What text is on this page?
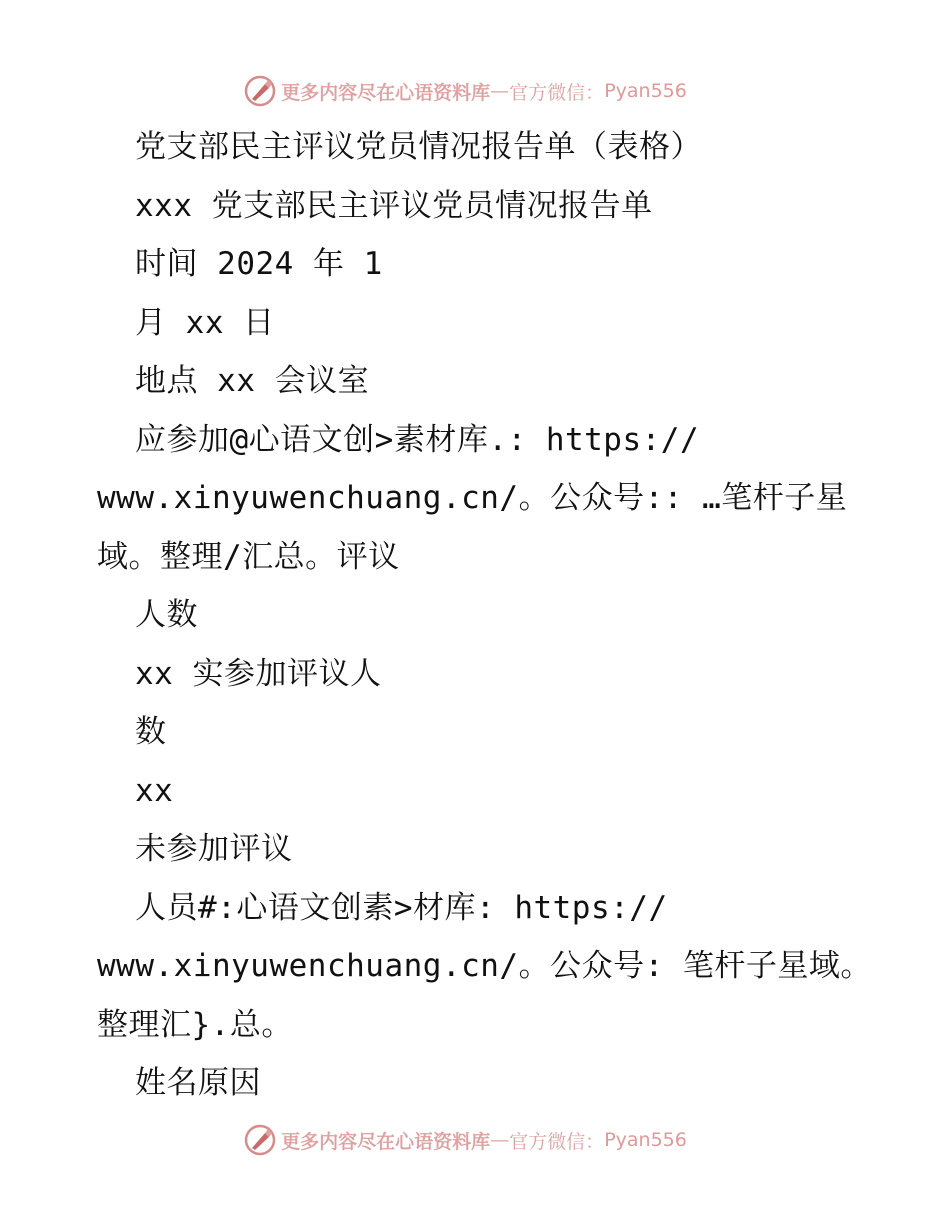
更多内容尽在心语资料库 — 官方微信： Pyan556
党支部民主评议党员情况报告单（表格）
xxx 党支部民主评议党员情况报告单
时间 2024 年 1
月 xx 日
地点 xx 会议室
应参加@心语文创>素材库.: https://
www.xinyuwenchuang.cn/。公众号:: …笔杆子星
域。整理/汇总。评议
人数
xx 实参加评议人
数
xx
未参加评议
人员#:心语文创素>材库: https://
www.xinyuwenchuang.cn/。公众号: 笔杆子星域。
整理汇}.总。
姓名原因
更多内容尽在心语资料库 — 官方微信： Pyan556
